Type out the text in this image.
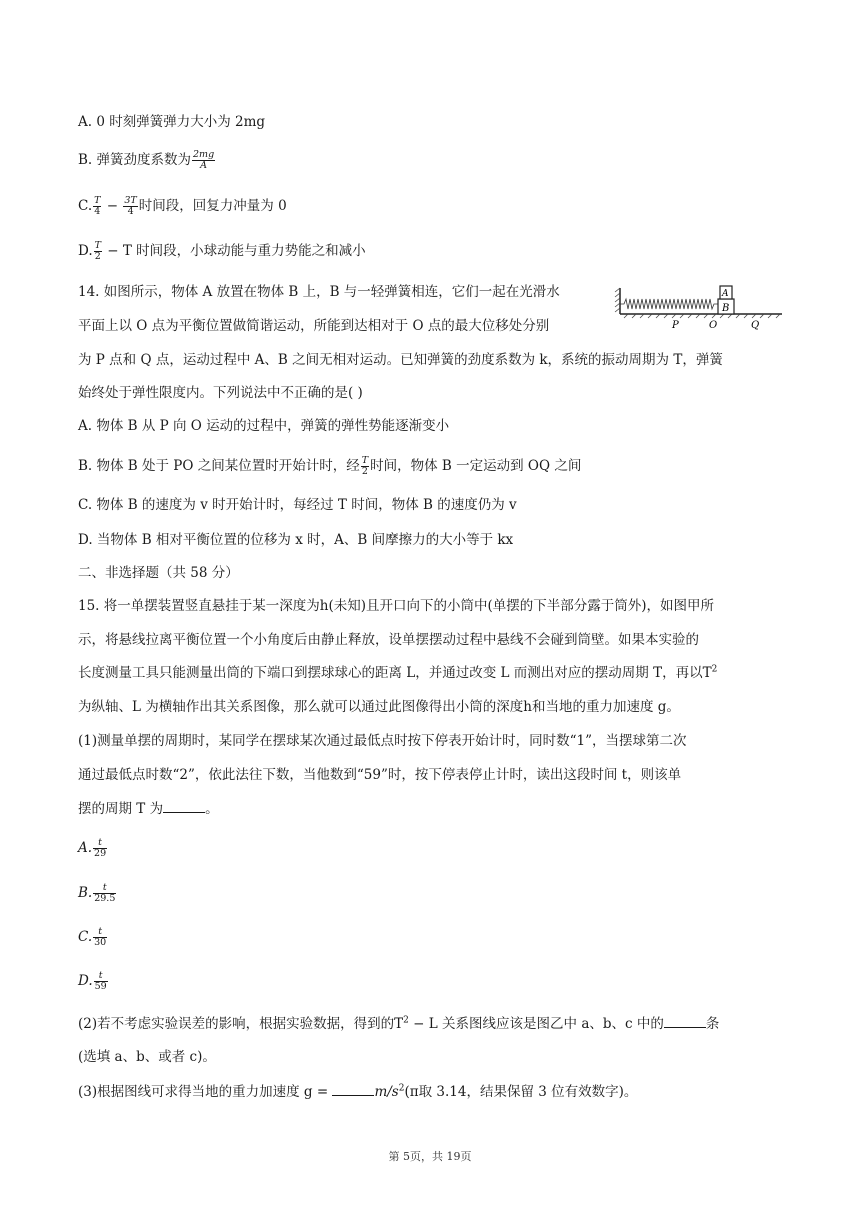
A. 0 时刻弹簧弹力大小为 2mg
B. 弹簧劲度系数为 $\frac{2mg}{A}$
C. $\frac{T}{4} - \frac{3T}{4}$ 时间段，回复力冲量为 0
D. $\frac{T}{2} - T$ 时间段，小球动能与重力势能之和减小
14. 如图所示，物体 A 放置在物体 B 上，B 与一轻弹簧相连，它们一起在光滑水
平面上以 O 点为平衡位置做简谐运动，所能到达相对于 O 点的最大位移处分别
为 P 点和 Q 点，运动过程中 A、B 之间无相对运动。已知弹簧的劲度系数为 k，系统的振动周期为 T，弹簧
始终处于弹性限度内。下列说法中不正确的是( )
B
A
P	O	Q
A. 物体 B 从 P 向 O 运动的过程中，弹簧的弹性势能逐渐变小
B. 物体 B 处于 PO 之间某位置时开始计时，经 $\frac{T}{2}$ 时间，物体 B 一定运动到 OQ 之间
C. 物体 B 的速度为 v 时开始计时，每经过 T 时间，物体 B 的速度仍为 v
D. 当物体 B 相对平衡位置的位移为 x 时，A、B 间摩擦力的大小等于 kx
二、非选择题（共 58 分）
15. 将一单摆装置竖直悬挂于某一深度为h(未知)且开口向下的小筒中(单摆的下半部分露于筒外)，如图甲所
示，将悬线拉离平衡位置一个小角度后由静止释放，设单摆摆动过程中悬线不会碰到筒壁。如果本实验的
长度测量工具只能测量出筒的下端口到摆球球心的距离 L，并通过改变 L 而测出对应的摆动周期 T，再以$T^2$
为纵轴、L 为横轴作出其关系图像，那么就可以通过此图像得出小筒的深度h和当地的重力加速度 g。
(1)测量单摆的周期时，某同学在摆球某次通过最低点时按下停表开始计时，同时数“1”，当摆球第二次
通过最低点时数“2”，依此法往下数，当他数到“59”时，按下停表停止计时，读出这段时间 t，则该单
摆的周期 T 为	。
A. $\frac{t}{29}$
B. $\frac{t}{29.5}$
C. $\frac{t}{30}$
D. $\frac{t}{59}$
(2)若不考虑实验误差的影响，根据实验数据，得到的$T^2 - L$ 关系图线应该是图乙中 a、b、c 中的	条
(选填 a、b、或者 c)。
(3)根据图线可求得当地的重力加速度 g =	$m/s^2(\pi$取 3.14，结果保留 3 位有效数字)。
第 5页，共 19页
